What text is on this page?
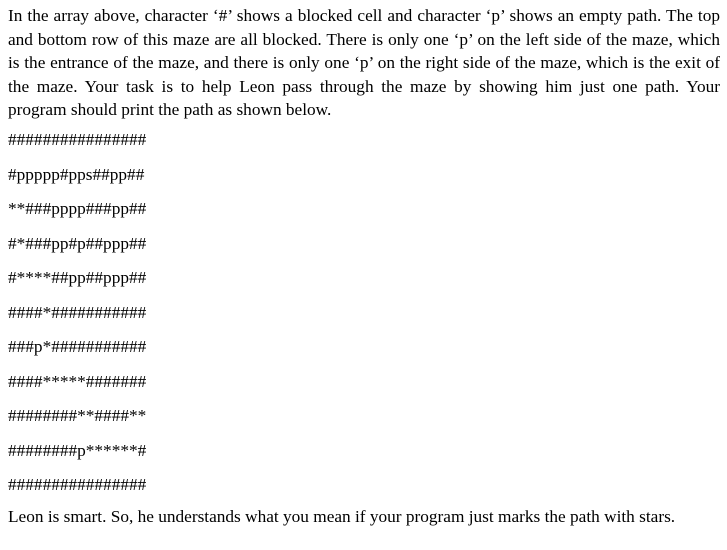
In the array above, character ‘#’ shows a blocked cell and character ‘p’ shows an empty path. The top and bottom row of this maze are all blocked. There is only one ‘p’ on the left side of the maze, which is the entrance of the maze, and there is only one ‘p’ on the right side of the maze, which is the exit of the maze. Your task is to help Leon pass through the maze by showing him just one path. Your program should print the path as shown below.

################
#ppppp#pps##pp##
**###pppp###pp##
#*###pp#p##ppp##
#****##pp##ppp##
####*###########
###p*###########
####*****#######
########**####**
########p******#
################

Leon is smart. So, he understands what you mean if your program just marks the path with stars.
